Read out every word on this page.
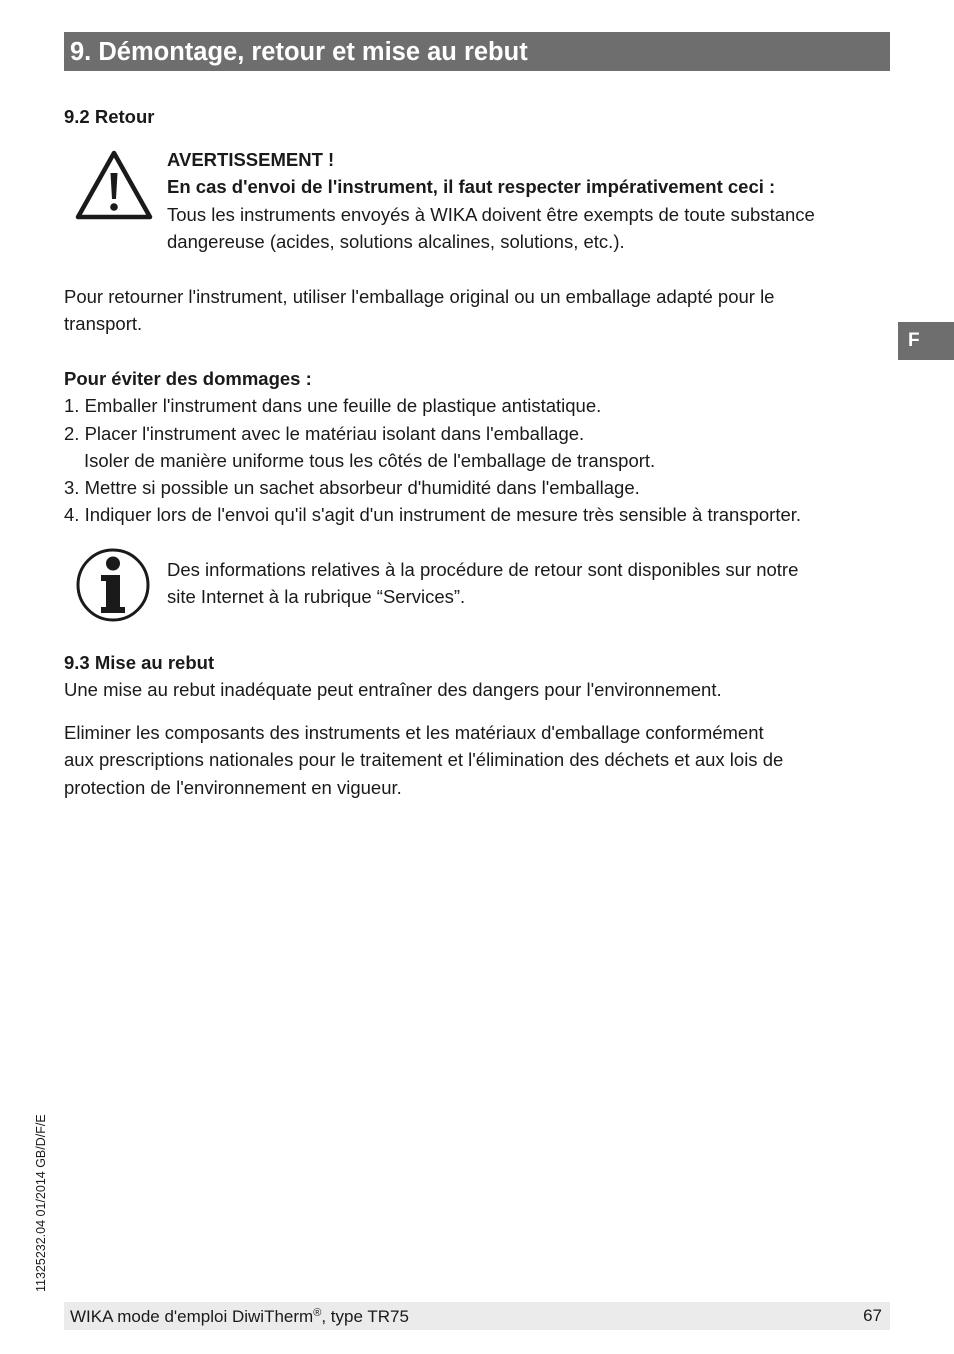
9. Démontage, retour et mise au rebut
F
9.2 Retour
AVERTISSEMENT !
En cas d'envoi de l'instrument, il faut respecter impérativement ceci :
Tous les instruments envoyés à WIKA doivent être exempts de toute substance
dangereuse (acides, solutions alcalines, solutions, etc.).
Pour retourner l'instrument, utiliser l'emballage original ou un emballage adapté pour le
transport.
Pour éviter des dommages :
1. Emballer l'instrument dans une feuille de plastique antistatique.
2. Placer l'instrument avec le matériau isolant dans l'emballage.
Isoler de manière uniforme tous les côtés de l'emballage de transport.
3. Mettre si possible un sachet absorbeur d'humidité dans l'emballage.
4. Indiquer lors de l'envoi qu'il s'agit d'un instrument de mesure très sensible à transporter.
Des informations relatives à la procédure de retour sont disponibles sur notre
site Internet à la rubrique “Services”.
9.3 Mise au rebut
Une mise au rebut inadéquate peut entraîner des dangers pour l'environnement.
Eliminer les composants des instruments et les matériaux d'emballage conformément
aux prescriptions nationales pour le traitement et l'élimination des déchets et aux lois de
protection de l'environnement en vigueur.
11325232.04 01/2014 GB/D/F/E
WIKA mode d'emploi DiwiTherm®, type TR75	67
